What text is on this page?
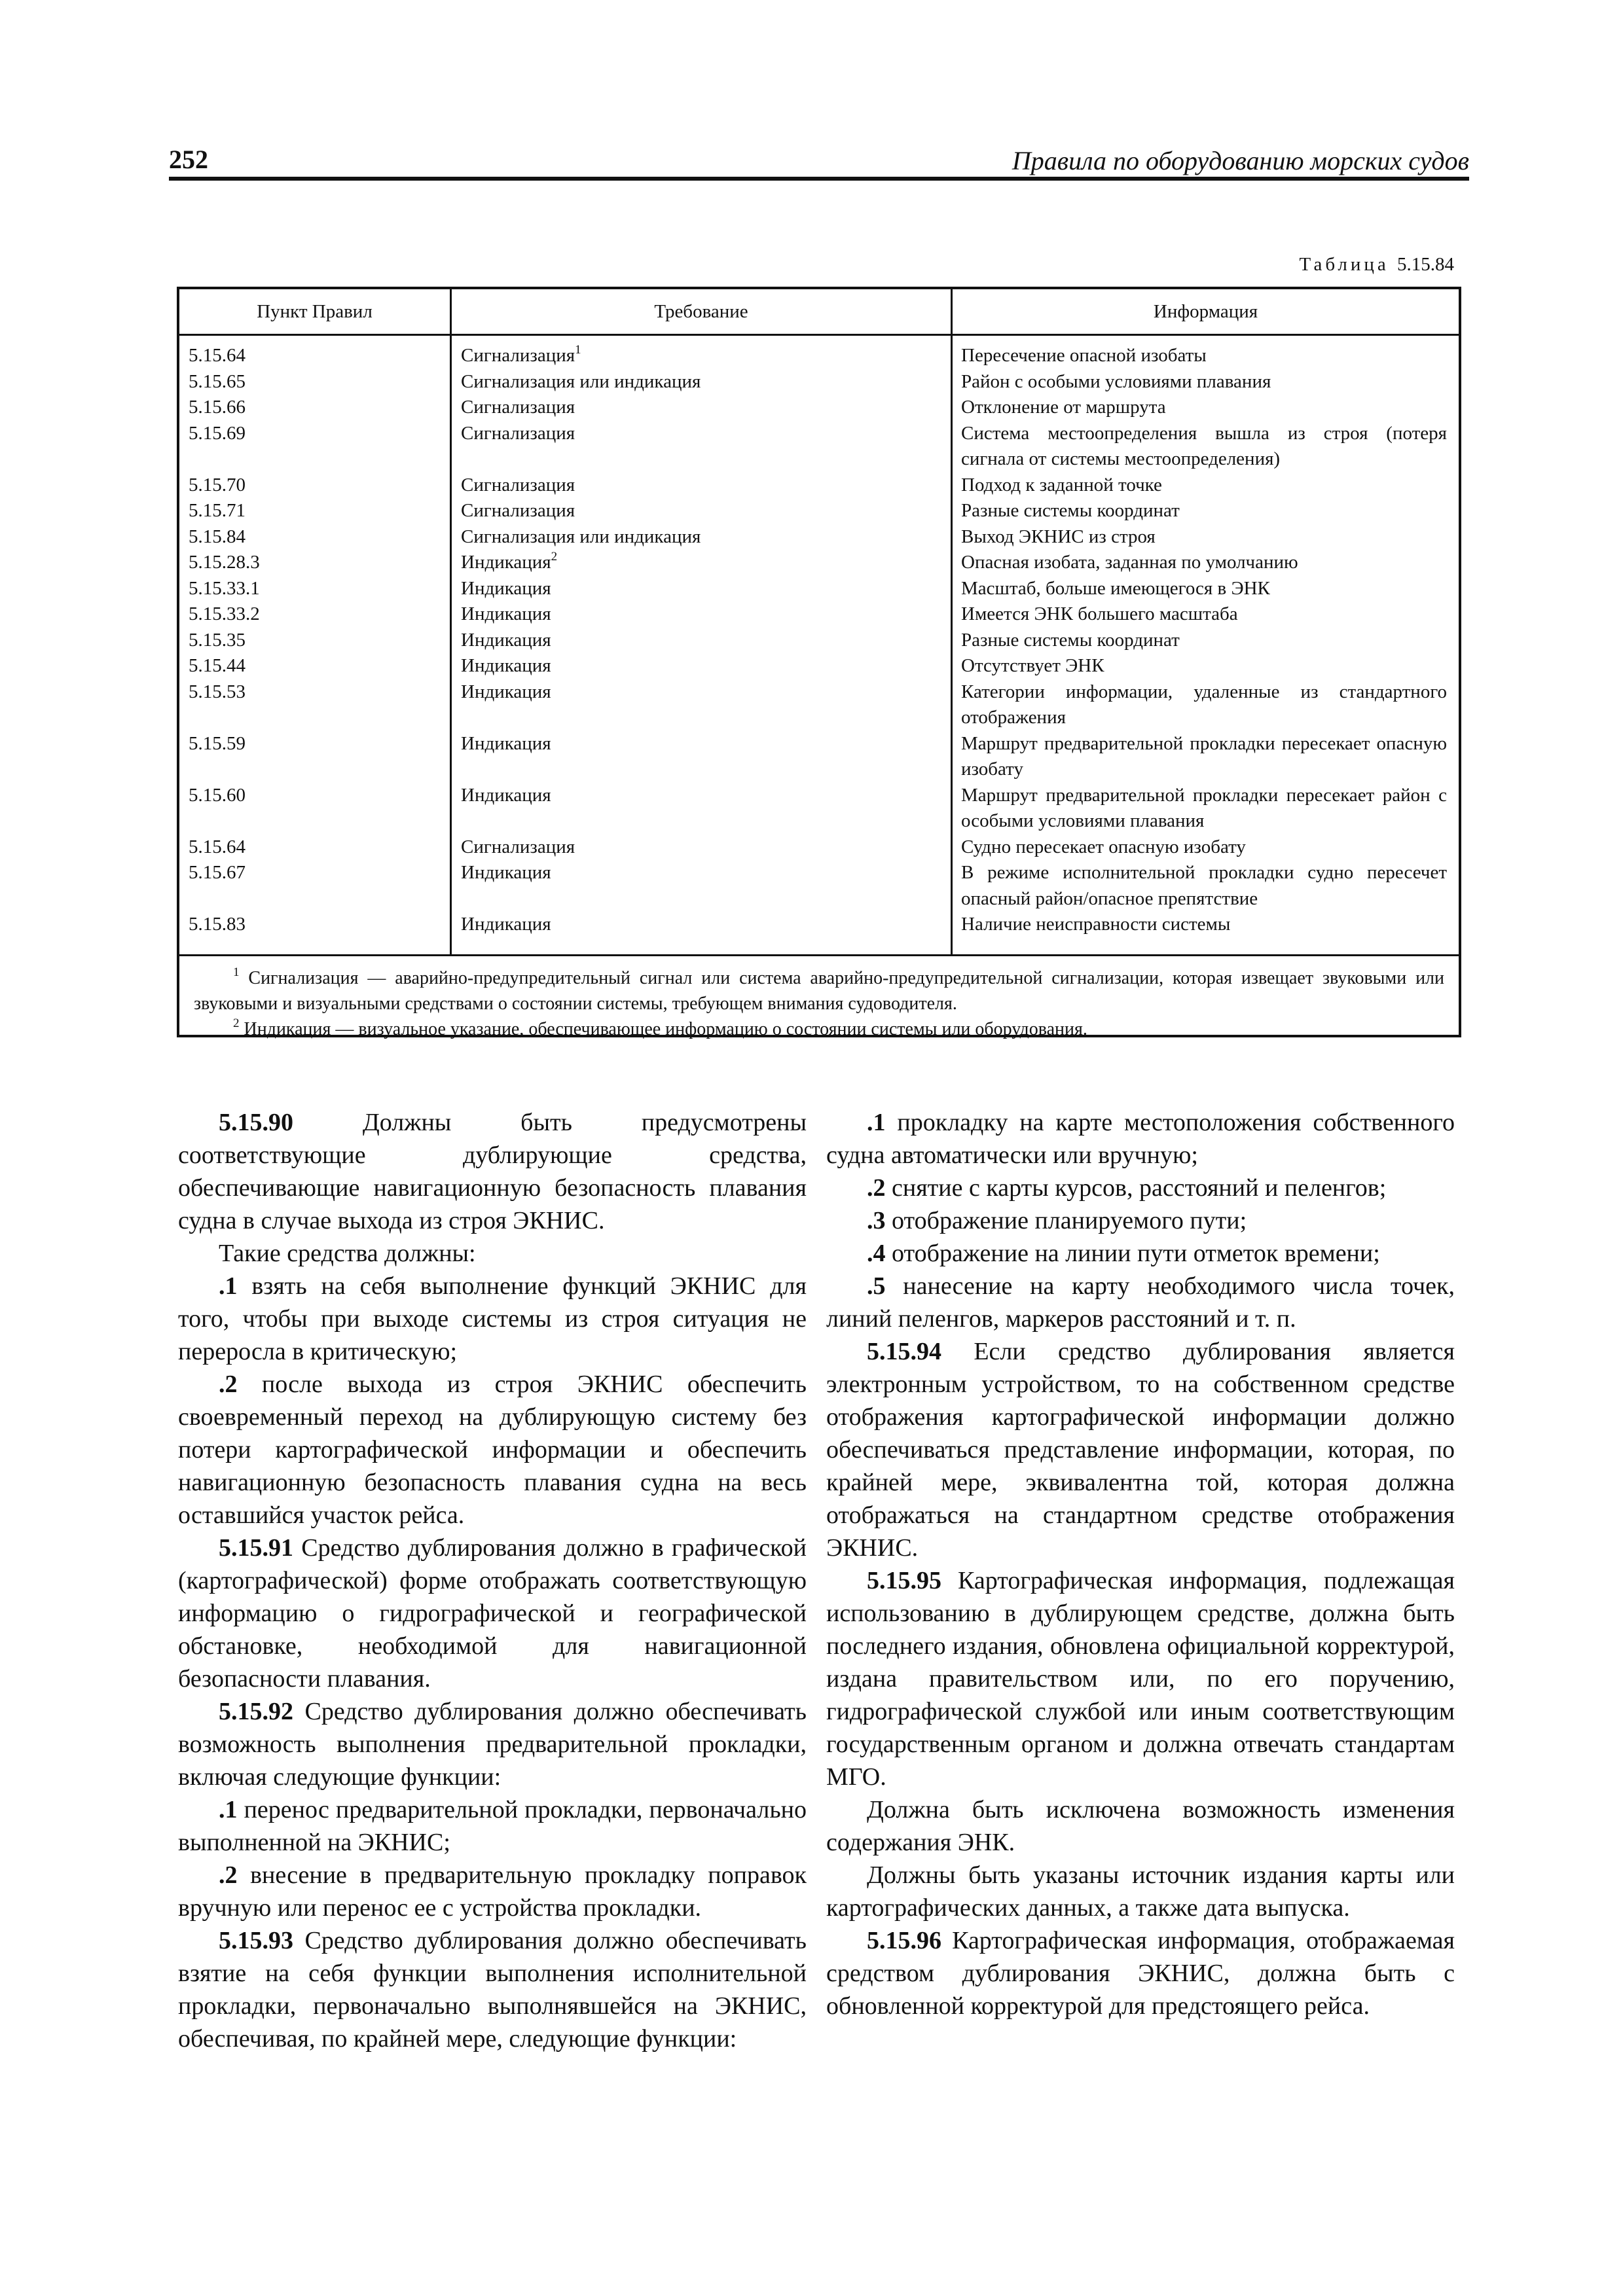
252	Правила по оборудованию морских судов
Таблица 5.15.84
Пункт Правил	Требование	Информация
5.15.64	Сигнализация$^1$	Пересечение опасной изобаты
5.15.65	Сигнализация или индикация	Район с особыми условиями плавания
5.15.66	Сигнализация	Отклонение от маршрута
5.15.69	Сигнализация	Система местоопределения вышла из строя (потеря сигнала от системы местоопределения)
5.15.70	Сигнализация	Подход к заданной точке
5.15.71	Сигнализация	Разные системы координат
5.15.84	Сигнализация или индикация	Выход ЭКНИС из строя
5.15.28.3	Индикация$^2$	Опасная изобата, заданная по умолчанию
5.15.33.1	Индикация	Масштаб, больше имеющегося в ЭНК
5.15.33.2	Индикация	Имеется ЭНК большего масштаба
5.15.35	Индикация	Разные системы координат
5.15.44	Индикация	Отсутствует ЭНК
5.15.53	Индикация	Категории информации, удаленные из стандартного отображения
5.15.59	Индикация	Маршрут предварительной прокладки пересекает опасную изобату
5.15.60	Индикация	Маршрут предварительной прокладки пересекает район с особыми условиями плавания
5.15.64	Сигнализация	Судно пересекает опасную изобату
5.15.67	Индикация	В режиме исполнительной прокладки судно пересечет опасный район/опасное препятствие
5.15.83	Индикация	Наличие неисправности системы

$^1$ Сигнализация — аварийно-предупредительный сигнал или система аварийно-предупредительной сигнализации, которая извещает звуковыми или звуковыми и визуальными средствами о состоянии системы, требующем внимания судоводителя.

$^2$ Индикация — визуальное указание, обеспечивающее информацию о состоянии системы или оборудования.

5.15.90 Должны быть предусмотрены соответствующие дублирующие средства, обеспечивающие навигационную безопасность плавания судна в случае выхода из строя ЭКНИС.

Такие средства должны:

.1 взять на себя выполнение функций ЭКНИС для того, чтобы при выходе системы из строя ситуация не переросла в критическую;

.2 после выхода из строя ЭКНИС обеспечить своевременный переход на дублирующую систему без потери картографической информации и обеспечить навигационную безопасность плавания судна на весь оставшийся участок рейса.

5.15.91 Средство дублирования должно в графической (картографической) форме отображать соответствующую информацию о гидрографической и географической обстановке, необходимой для навигационной безопасности плавания.

5.15.92 Средство дублирования должно обеспечивать возможность выполнения предварительной прокладки, включая следующие функции:

.1 перенос предварительной прокладки, первоначально выполненной на ЭКНИС;

.2 внесение в предварительную прокладку поправок вручную или перенос ее с устройства прокладки.

5.15.93 Средство дублирования должно обеспечивать взятие на себя функции выполнения исполнительной прокладки, первоначально выполнявшейся на ЭКНИС, обеспечивая, по крайней мере, следующие функции:

.1 прокладку на карте местоположения собственного судна автоматически или вручную;

.2 снятие с карты курсов, расстояний и пеленгов;

.3 отображение планируемого пути;

.4 отображение на линии пути отметок времени;

.5 нанесение на карту необходимого числа точек, линий пеленгов, маркеров расстояний и т. п.

5.15.94 Если средство дублирования является электронным устройством, то на собственном средстве отображения картографической информации должно обеспечиваться представление информации, которая, по крайней мере, эквивалентна той, которая должна отображаться на стандартном средстве отображения ЭКНИС.

5.15.95 Картографическая информация, подлежащая использованию в дублирующем средстве, должна быть последнего издания, обновлена официальной корректурой, издана правительством или, по его поручению, гидрографической службой или иным соответствующим государственным органом и должна отвечать стандартам МГО.

Должна быть исключена возможность изменения содержания ЭНК.

Должны быть указаны источник издания карты или картографических данных, а также дата выпуска.

5.15.96 Картографическая информация, отображаемая средством дублирования ЭКНИС, должна быть с обновленной корректурой для предстоящего рейса.
